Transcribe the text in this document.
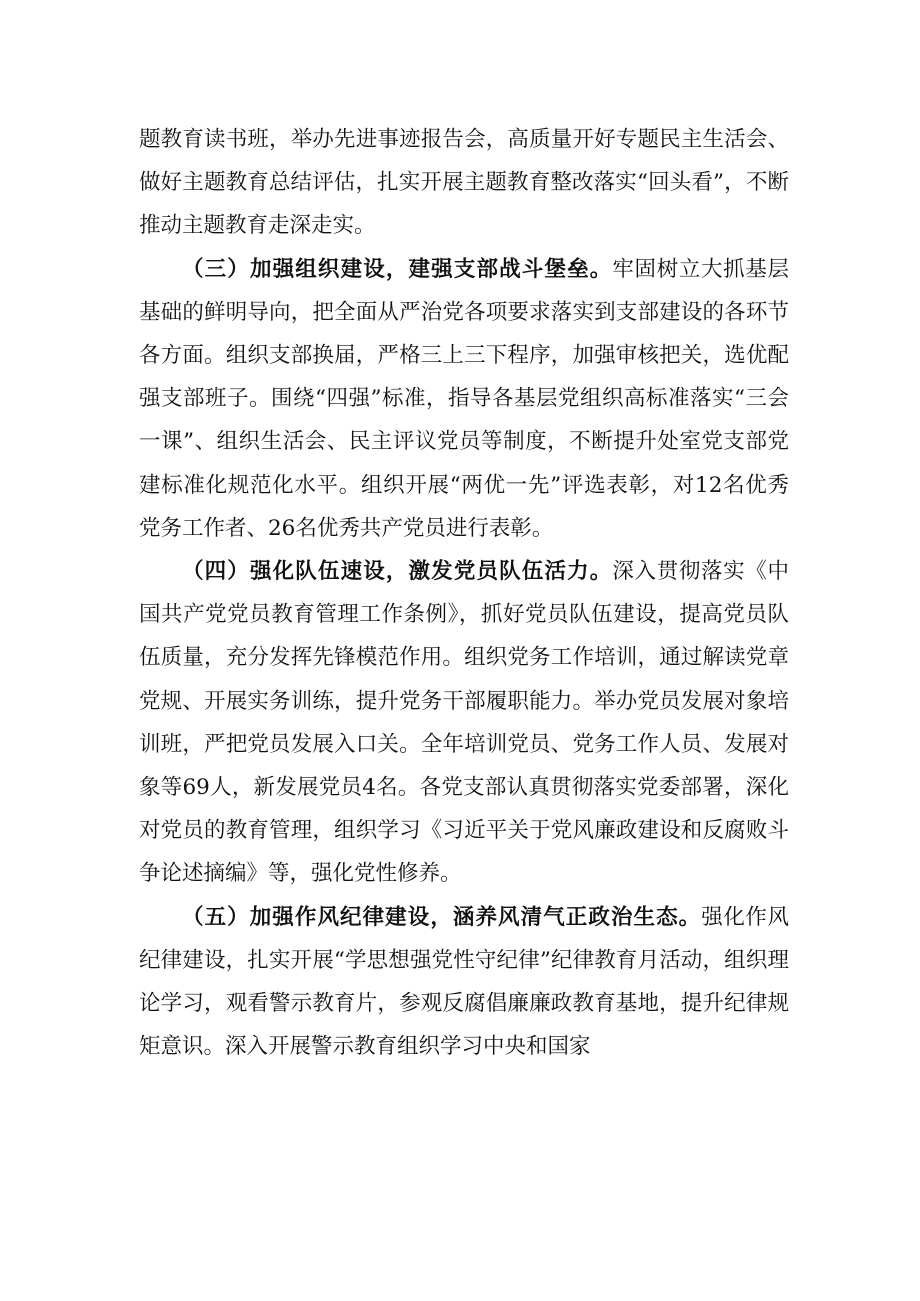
题教育读书班，举办先进事迹报告会，高质量开好专题民主生活会、做好主题教育总结评估，扎实开展主题教育整改落实“回头看”，不断推动主题教育走深走实。

（三）加强组织建设，建强支部战斗堡垒。牢固树立大抓基层基础的鲜明导向，把全面从严治党各项要求落实到支部建设的各环节各方面。组织支部换届，严格三上三下程序，加强审核把关，选优配强支部班子。围绕“四强”标准，指导各基层党组织高标准落实“三会一课”、组织生活会、民主评议党员等制度，不断提升处室党支部党建标准化规范化水平。组织开展“两优一先”评选表彰，对12名优秀党务工作者、26名优秀共产党员进行表彰。

（四）强化队伍速设，激发党员队伍活力。深入贯彻落实《中国共产党党员教育管理工作条例》，抓好党员队伍建设，提高党员队伍质量，充分发挥先锋模范作用。组织党务工作培训，通过解读党章党规、开展实务训练，提升党务干部履职能力。举办党员发展对象培训班，严把党员发展入口关。全年培训党员、党务工作人员、发展对象等69人，新发展党员4名。各党支部认真贯彻落实党委部署，深化对党员的教育管理，组织学习《习近平关于党风廉政建设和反腐败斗争论述摘编》等，强化党性修养。

（五）加强作风纪律建设，涵养风清气正政治生态。强化作风纪律建设，扎实开展“学思想强党性守纪律”纪律教育月活动，组织理论学习，观看警示教育片，参观反腐倡廉廉政教育基地，提升纪律规矩意识。深入开展警示教育组织学习中央和国家
